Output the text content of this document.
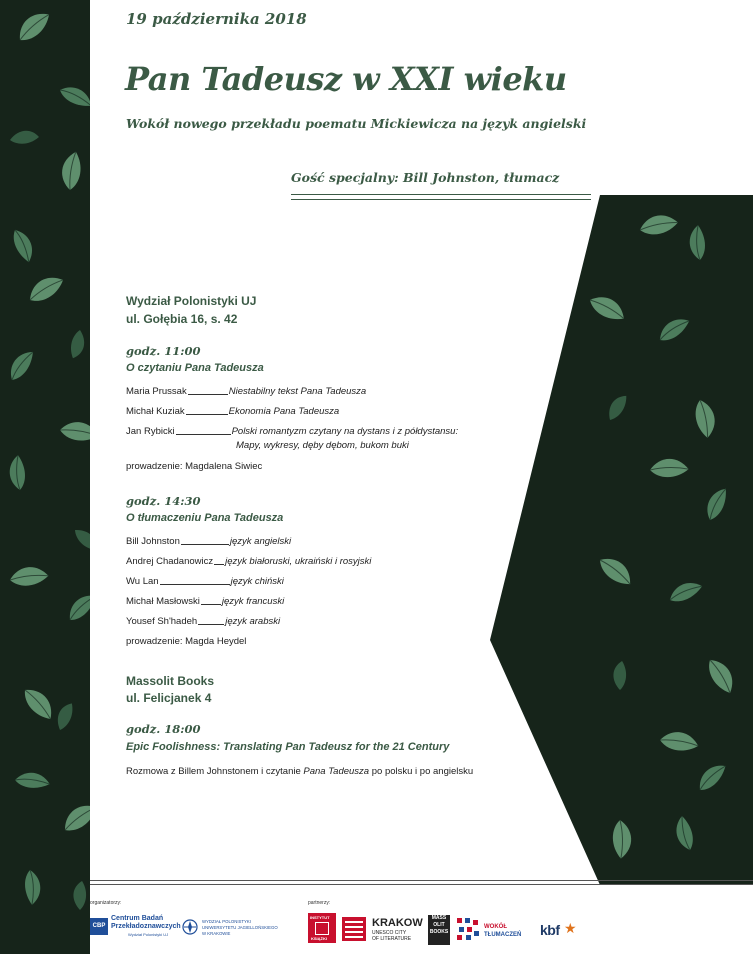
19 października 2018
Pan Tadeusz w XXI wieku
Wokół nowego przekładu poematu Mickiewicza na język angielski
Gość specjalny: Bill Johnston, tłumacz
Wydział Polonistyki UJ
ul. Gołębia 16, s. 42
godz. 11:00
O czytaniu Pana Tadeusza
Maria Prussak	Niestabilny tekst Pana Tadeusza
Michał Kuziak	Ekonomia Pana Tadeusza
Jan Rybicki	Polski romantyzm czytany na dystans i z półdystansu:
Mapy, wykresy, dęby dębom, bukom buki
prowadzenie: Magdalena Siwiec
godz. 14:30
O tłumaczeniu Pana Tadeusza
Bill Johnston	język angielski
Andrej Chadanowicz język białoruski, ukraiński i rosyjski
Wu Lan	język chiński
Michał Masłowski język francuski
Yousef Sh'hadeh	język arabski
prowadzenie: Magda Heydel
Massolit Books
ul. Felicjanek 4
godz. 18:00
Epic Foolishness: Translating Pan Tadeusz for the 21 Century
Rozmowa z Billem Johnstonem i czytanie Pana Tadeusza po polsku i po angielsku
organizatorzy:	partnerzy:
CBP
Centrum Badań
Przekładoznawczych
Wydział Polonistyki UJ
WYDZIAŁ POLONISTYKI
UNIWERSYTETU JAGIELLOŃSKIEGO
W KRAKOWIE
INSTYTUT
KSIĄŻKI
KRAKOW
UNESCO CITY
OF LITERATURE
MASS OLIT BOOKS
WOKÓŁ
TŁUMACZEŃ kbf ★
